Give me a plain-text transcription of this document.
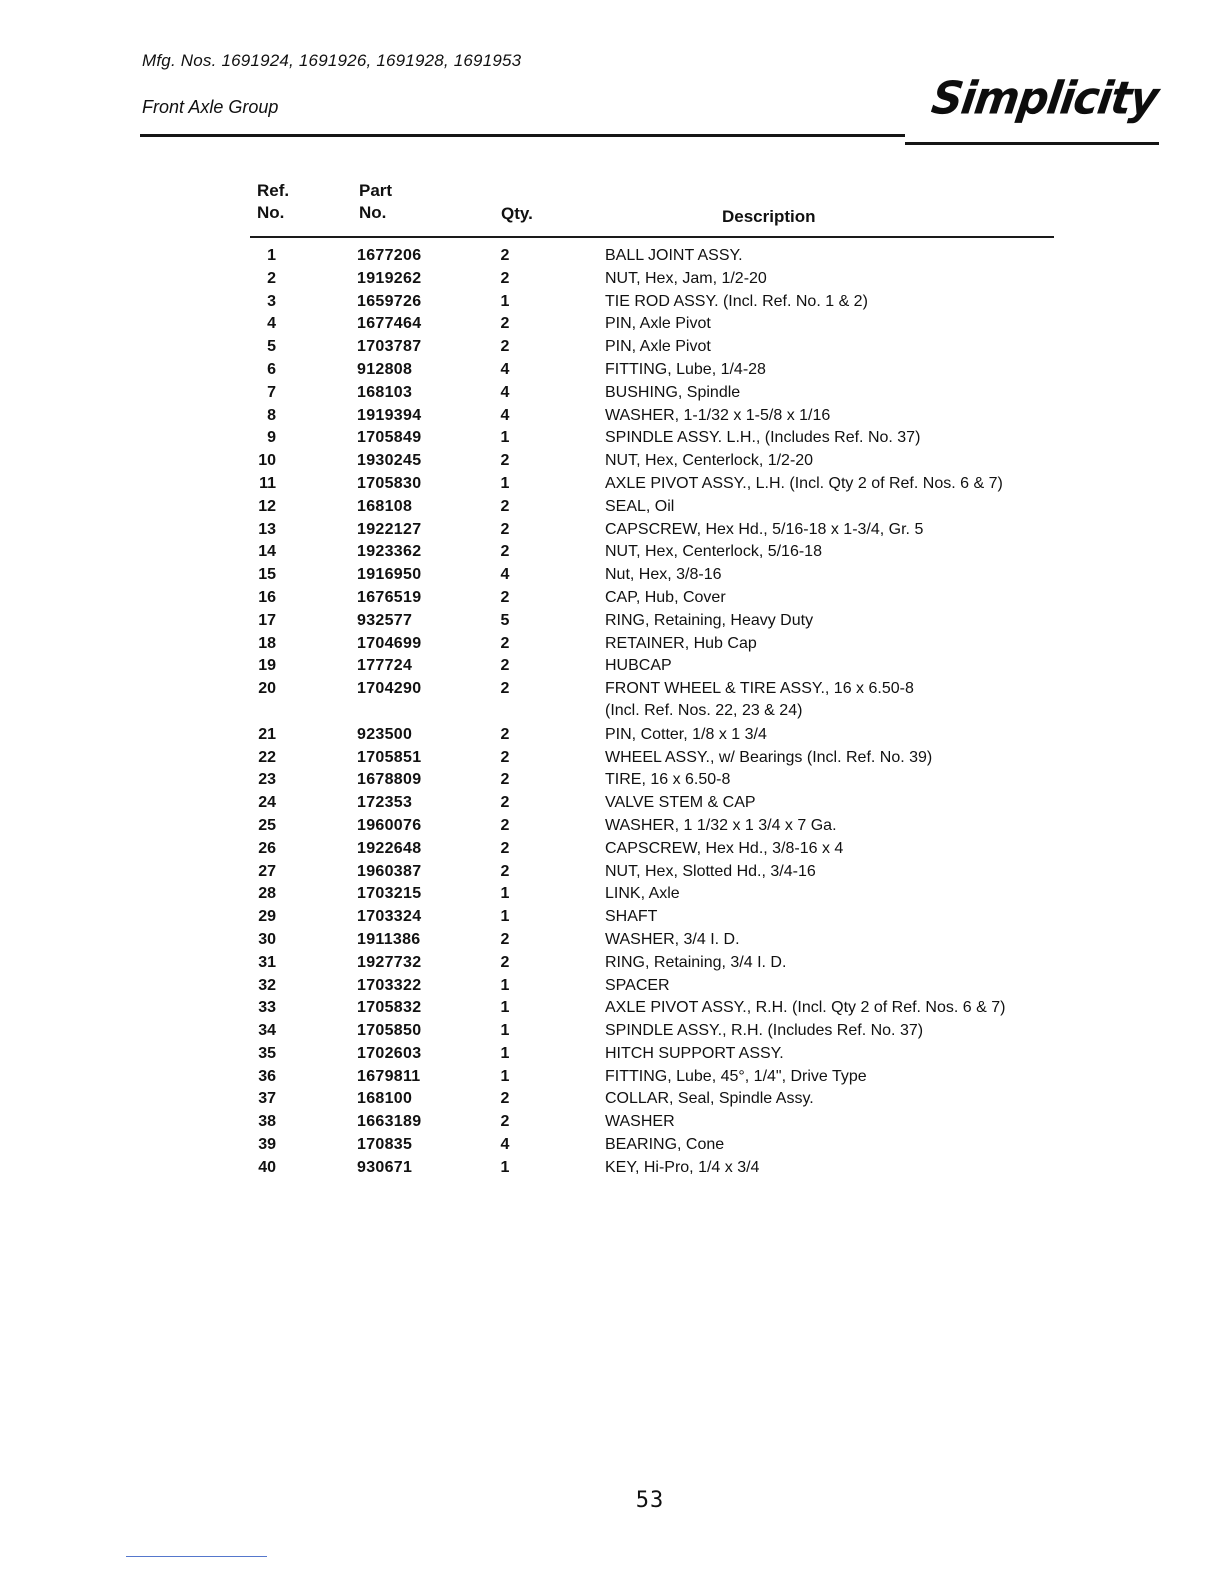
Mfg. Nos. 1691924, 1691926, 1691928, 1691953
Front Axle Group	Simplicity
Ref.
No.
Part
No.	Qty.	Description
1	1677206	2	BALL JOINT ASSY.
2	1919262	2	NUT, Hex, Jam, 1/2-20
3	1659726	1	TIE ROD ASSY. (Incl. Ref. No. 1 & 2)
4	1677464	2	PIN, Axle Pivot
5	1703787	2	PIN, Axle Pivot
6	912808	4	FITTING, Lube, 1/4-28
7	168103	4	BUSHING, Spindle
8	1919394	4	WASHER, 1-1/32 x 1-5/8 x 1/16
9	1705849	1	SPINDLE ASSY. L.H., (Includes Ref. No. 37)
10	1930245	2	NUT, Hex, Centerlock, 1/2-20
11	1705830	1	AXLE PIVOT ASSY., L.H. (Incl. Qty 2 of Ref. Nos. 6 & 7)
12	168108	2	SEAL, Oil
13	1922127	2	CAPSCREW, Hex Hd., 5/16-18 x 1-3/4, Gr. 5
14	1923362	2	NUT, Hex, Centerlock, 5/16-18
15	1916950	4	Nut, Hex, 3/8-16
16	1676519	2	CAP, Hub, Cover
17	932577	5	RING, Retaining, Heavy Duty
18	1704699	2	RETAINER, Hub Cap
19	177724	2	HUBCAP
20	1704290	2	FRONT WHEEL & TIRE ASSY., 16 x 6.50-8
(Incl. Ref. Nos. 22, 23 & 24)
21	923500	2	PIN, Cotter, 1/8 x 1 3/4
22	1705851	2	WHEEL ASSY., w/ Bearings (Incl. Ref. No. 39)
23	1678809	2	TIRE, 16 x 6.50-8
24	172353	2	VALVE STEM & CAP
25	1960076	2	WASHER, 1 1/32 x 1 3/4 x 7 Ga.
26	1922648	2	CAPSCREW, Hex Hd., 3/8-16 x 4
27	1960387	2	NUT, Hex, Slotted Hd., 3/4-16
28	1703215	1	LINK, Axle
29	1703324	1	SHAFT
30	1911386	2	WASHER, 3/4 I. D.
31	1927732	2	RING, Retaining, 3/4 I. D.
32	1703322	1	SPACER
33	1705832	1	AXLE PIVOT ASSY., R.H. (Incl. Qty 2 of Ref. Nos. 6 & 7)
34	1705850	1	SPINDLE ASSY., R.H. (Includes Ref. No. 37)
35	1702603	1	HITCH SUPPORT ASSY.
36	1679811	1	FITTING, Lube, 45°, 1/4", Drive Type
37	168100	2	COLLAR, Seal, Spindle Assy.
38	1663189	2	WASHER
39	170835	4	BEARING, Cone
40	930671	1	KEY, Hi-Pro, 1/4 x 3/4
53
